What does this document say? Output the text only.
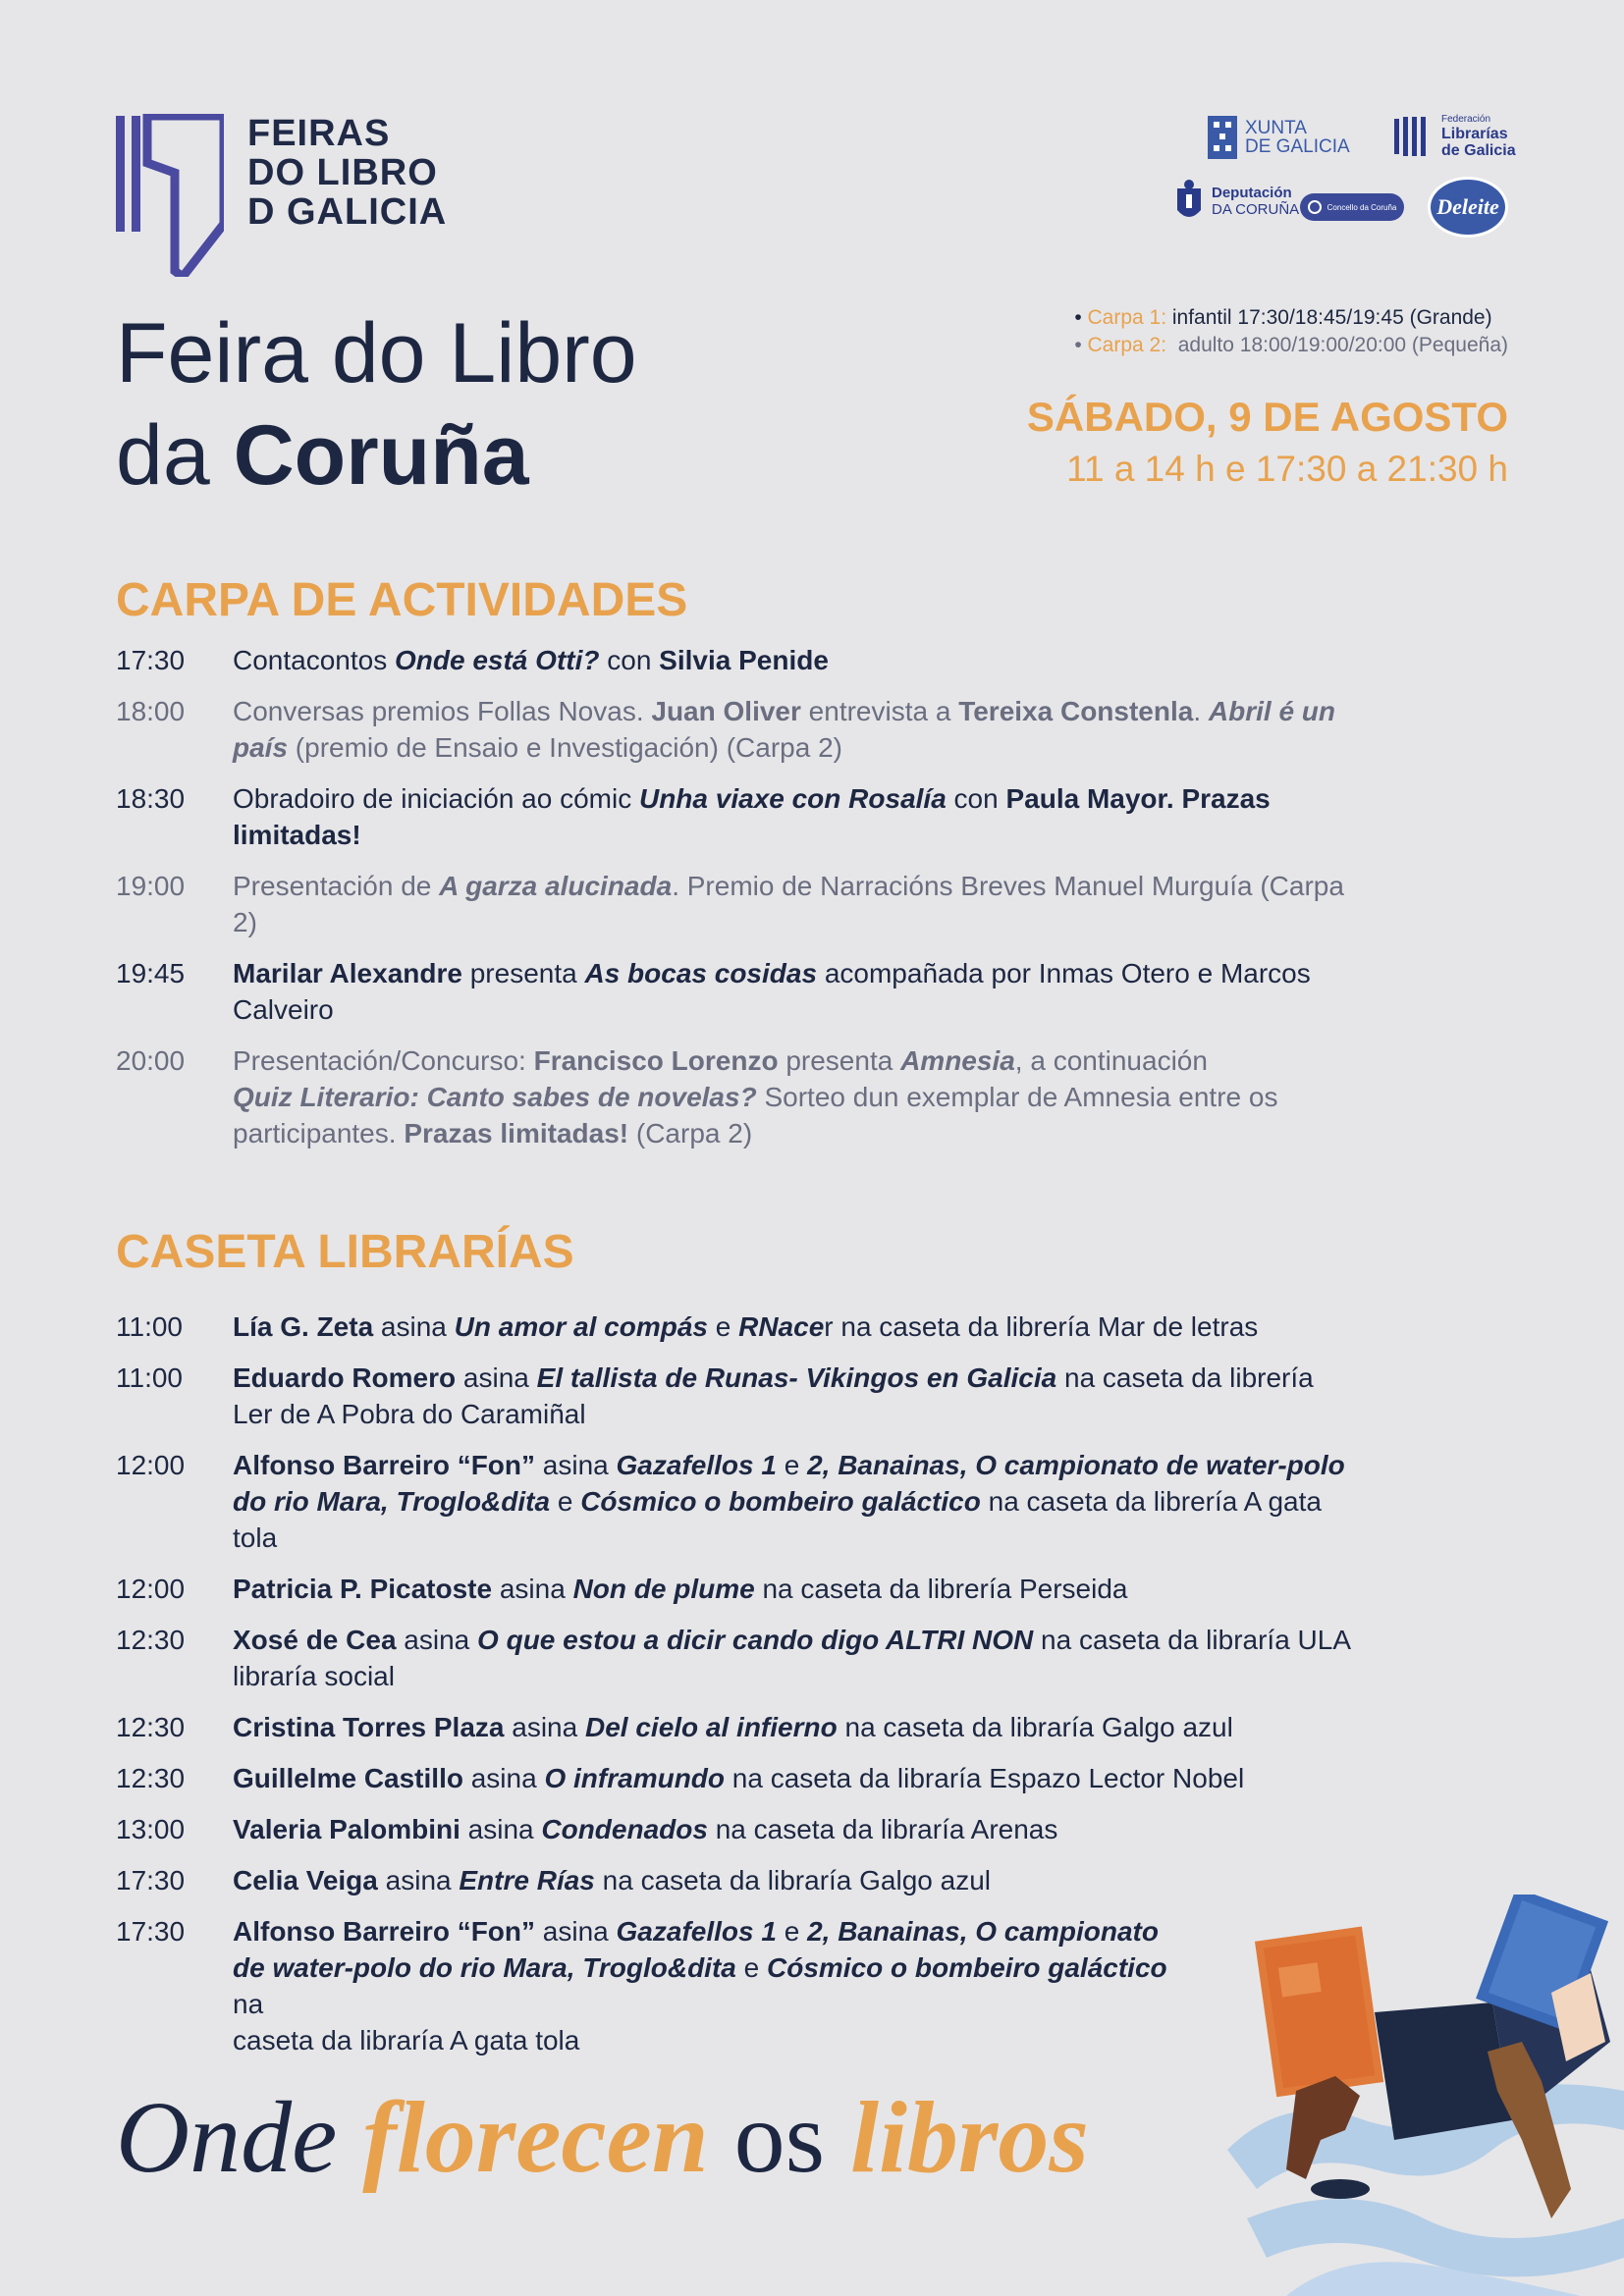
FEIRAS
DO LIBRO
D GALICIA
XUNTA
DE GALICIA
Federación
Librarías
de Galicia
Deputación
DA CORUÑA	Concello da Coruña Deleite
Feira do Libro
da Coruña
• Carpa 1: infantil 17:30/18:45/19:45 (Grande)
• Carpa 2:  adulto 18:00/19:00/20:00 (Pequeña)
SÁBADO, 9 DE AGOSTO
11 a 14 h e 17:30 a 21:30 h
CARPA DE ACTIVIDADES
17:30	Contacontos Onde está Otti? con Silvia Penide
18:00	Conversas premios Follas Novas. Juan Oliver entrevista a Tereixa Constenla. Abril é un país (premio de Ensaio e Investigación) (Carpa 2)
18:30	Obradoiro de iniciación ao cómic Unha viaxe con Rosalía con Paula Mayor. Prazas limitadas!
19:00	Presentación de A garza alucinada. Premio de Narracións Breves Manuel Murguía (Carpa 2)
19:45	Marilar Alexandre presenta As bocas cosidas acompañada por Inmas Otero e Marcos Calveiro
20:00	Presentación/Concurso: Francisco Lorenzo presenta Amnesia, a continuación
Quiz Literario: Canto sabes de novelas? Sorteo dun exemplar de Amnesia entre os participantes. Prazas limitadas! (Carpa 2)
CASETA LIBRARÍAS
11:00	Lía G. Zeta asina Un amor al compás e RNacer na caseta da librería Mar de letras
11:00	Eduardo Romero asina El tallista de Runas- Vikingos en Galicia na caseta da librería Ler de A Pobra do Caramiñal
12:00	Alfonso Barreiro “Fon” asina Gazafellos 1 e 2, Banainas, O campionato de water-polo do rio Mara, Troglo&dita e Cósmico o bombeiro galáctico na caseta da librería A gata tola
12:00	Patricia P. Picatoste asina Non de plume na caseta da librería Perseida
12:30	Xosé de Cea asina O que estou a dicir cando digo ALTRI NON na caseta da libraría ULA libraría social
12:30	Cristina Torres Plaza asina Del cielo al infierno na caseta da libraría Galgo azul
12:30	Guillelme Castillo asina O inframundo na caseta da libraría Espazo Lector Nobel
13:00	Valeria Palombini asina Condenados na caseta da libraría Arenas
17:30	Celia Veiga asina Entre Rías na caseta da libraría Galgo azul
17:30	Alfonso Barreiro “Fon” asina Gazafellos 1 e 2, Banainas, O campionato
de water-polo do rio Mara, Troglo&dita e Cósmico o bombeiro galáctico na
caseta da libraría A gata tola
Onde florecen os libros
